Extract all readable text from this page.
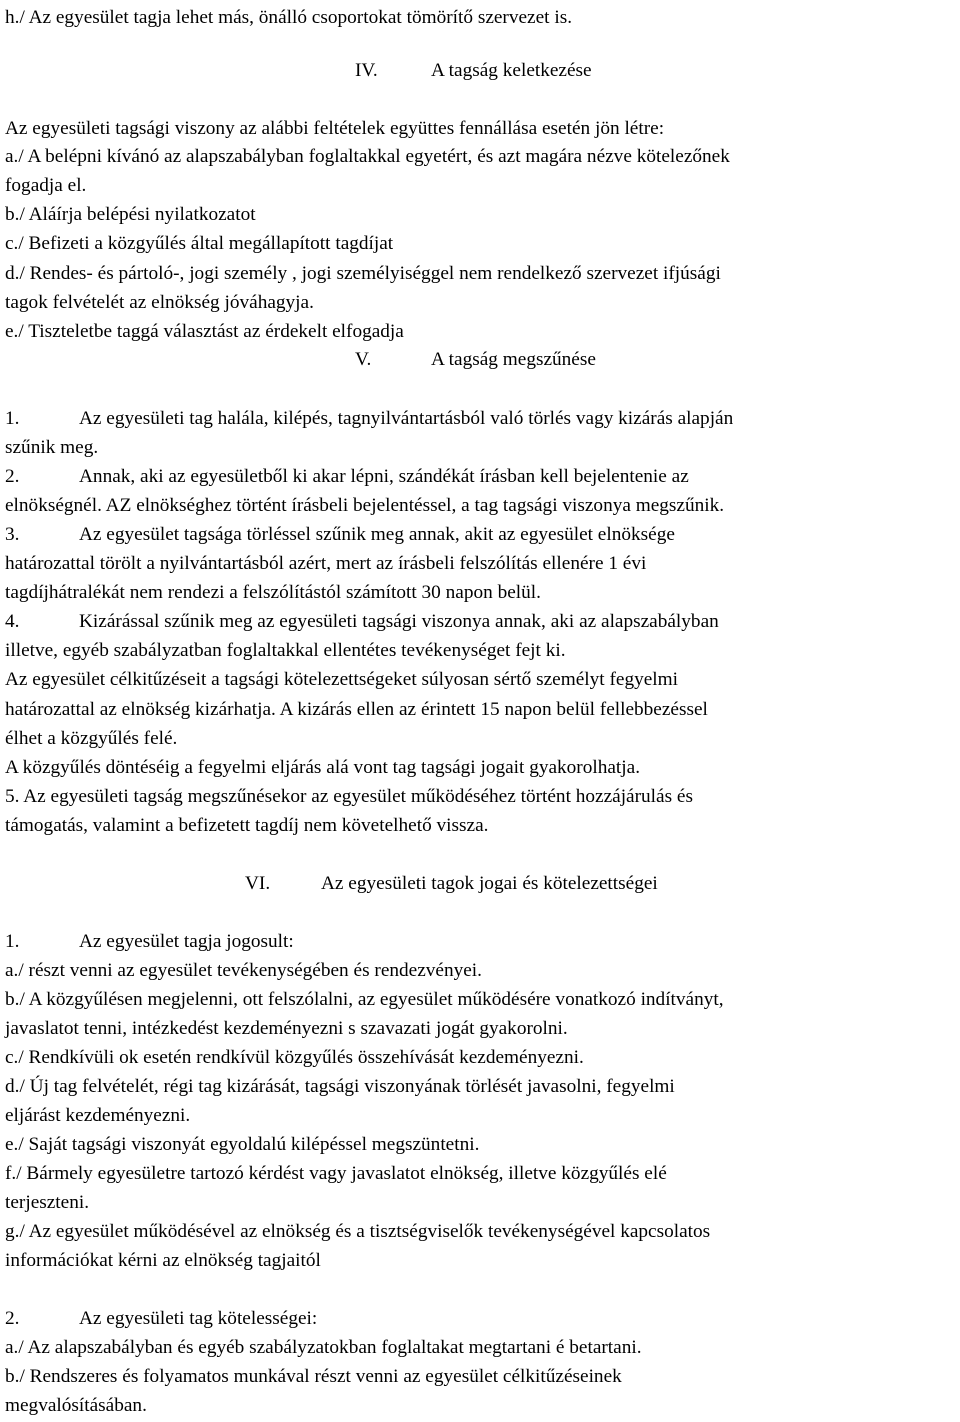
h./ Az egyesület tagja lehet más, önálló csoportokat tömörítő szervezet is.
IV.	A tagság keletkezése
Az egyesületi tagsági viszony az alábbi feltételek együttes fennállása esetén jön létre:
a./ A belépni kívánó az alapszabályban foglaltakkal egyetért, és azt magára nézve kötelezőnek
fogadja el.
b./ Aláírja belépési nyilatkozatot
c./ Befizeti a közgyűlés által megállapított tagdíjat
d./ Rendes- és pártoló-, jogi személy , jogi személyiséggel nem rendelkező szervezet ifjúsági
tagok felvételét az elnökség jóváhagyja.
e./ Tiszteletbe taggá választást az érdekelt elfogadja
V.	A tagság megszűnése
1.	Az egyesületi tag halála, kilépés, tagnyilvántartásból való törlés vagy kizárás alapján
szűnik meg.
2.	Annak, aki az egyesületből ki akar lépni, szándékát írásban kell bejelentenie az
elnökségnél. AZ elnökséghez történt írásbeli bejelentéssel, a tag tagsági viszonya megszűnik.
3.	Az egyesület tagsága törléssel szűnik meg annak, akit az egyesület elnöksége
határozattal törölt a nyilvántartásból azért, mert az írásbeli felszólítás ellenére 1 évi
tagdíjhátralékát nem rendezi a felszólítástól számított 30 napon belül.
4.	Kizárással szűnik meg az egyesületi tagsági viszonya annak, aki az alapszabályban
illetve, egyéb szabályzatban foglaltakkal ellentétes tevékenységet fejt ki.
Az egyesület célkitűzéseit a tagsági kötelezettségeket súlyosan sértő személyt fegyelmi
határozattal az elnökség kizárhatja. A kizárás ellen az érintett 15 napon belül fellebbezéssel
élhet a közgyűlés felé.
A közgyűlés döntéséig a fegyelmi eljárás alá vont tag tagsági jogait gyakorolhatja.
5. Az egyesületi tagság megszűnésekor az egyesület működéséhez történt hozzájárulás és
támogatás, valamint a befizetett tagdíj nem követelhető vissza.
VI.	Az egyesületi tagok jogai és kötelezettségei
1.	Az egyesület tagja jogosult:
a./ részt venni az egyesület tevékenységében és rendezvényei.
b./ A közgyűlésen megjelenni, ott felszólalni, az egyesület működésére vonatkozó indítványt,
javaslatot tenni, intézkedést kezdeményezni s szavazati jogát gyakorolni.
c./ Rendkívüli ok esetén rendkívül közgyűlés összehívását kezdeményezni.
d./ Új tag felvételét, régi tag kizárását, tagsági viszonyának törlését javasolni, fegyelmi
eljárást kezdeményezni.
e./ Saját tagsági viszonyát egyoldalú kilépéssel megszüntetni.
f./ Bármely egyesületre tartozó kérdést vagy javaslatot elnökség, illetve közgyűlés elé
terjeszteni.
g./ Az egyesület működésével az elnökség és a tisztségviselők tevékenységével kapcsolatos
információkat kérni az elnökség tagjaitól
2.	Az egyesületi tag kötelességei:
a./ Az alapszabályban és egyéb szabályzatokban foglaltakat megtartani é betartani.
b./ Rendszeres és folyamatos munkával részt venni az egyesület célkitűzéseinek
megvalósításában.
